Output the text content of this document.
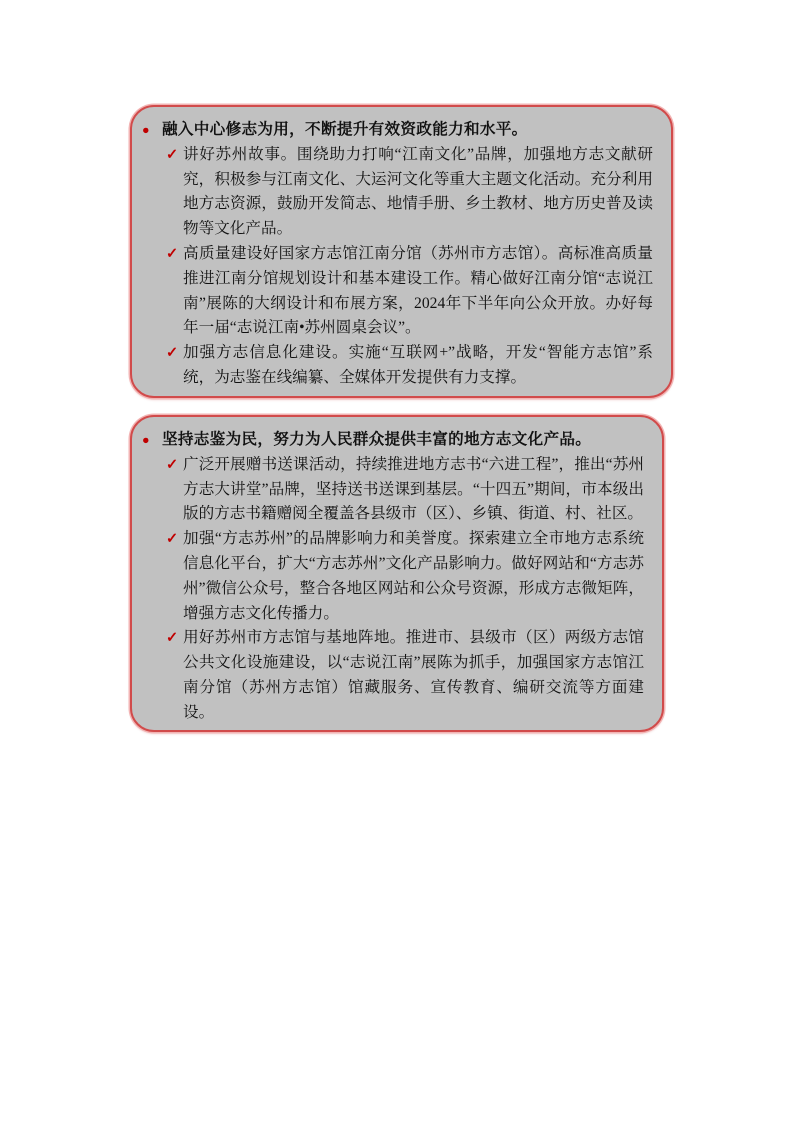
● 融入中心修志为用，不断提升有效资政能力和水平。
✓ 讲好苏州故事。围绕助力打响“江南文化”品牌，加强地方志文献研究，积极参与江南文化、大运河文化等重大主题文化活动。充分利用地方志资源，鼓励开发简志、地情手册、乡土教材、地方历史普及读物等文化产品。
✓ 高质量建设好国家方志馆江南分馆（苏州市方志馆）。高标准高质量推进江南分馆规划设计和基本建设工作。精心做好江南分馆“志说江南”展陈的大纲设计和布展方案，2024年下半年向公众开放。办好每年一届“志说江南•苏州圆桌会议”。
✓ 加强方志信息化建设。实施“互联网+”战略，开发“智能方志馆”系统，为志鉴在线编纂、全媒体开发提供有力支撑。
● 坚持志鉴为民，努力为人民群众提供丰富的地方志文化产品。
✓ 广泛开展赠书送课活动，持续推进地方志书“六进工程”，推出“苏州方志大讲堂”品牌，坚持送书送课到基层。“十四五”期间，市本级出版的方志书籍赠阅全覆盖各县级市（区）、乡镇、街道、村、社区。
✓ 加强“方志苏州”的品牌影响力和美誉度。探索建立全市地方志系统信息化平台，扩大“方志苏州”文化产品影响力。做好网站和“方志苏州”微信公众号，整合各地区网站和公众号资源，形成方志微矩阵，增强方志文化传播力。
✓ 用好苏州市方志馆与基地阵地。推进市、县级市（区）两级方志馆公共文化设施建设，以“志说江南”展陈为抓手，加强国家方志馆江南分馆（苏州方志馆）馆藏服务、宣传教育、编研交流等方面建设。
